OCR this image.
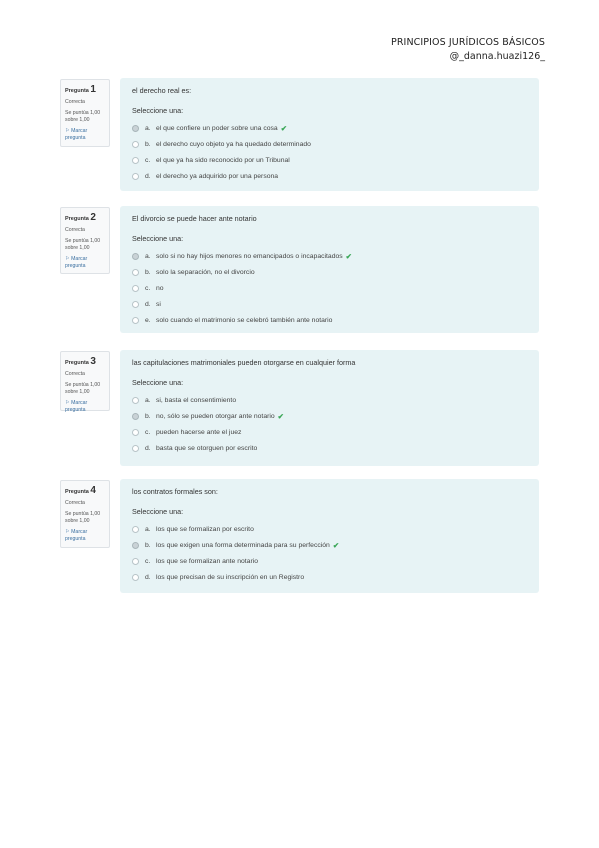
PRINCIPIOS JURÍDICOS BÁSICOS
@_danna.huazi126_
Pregunta 1
Correcta
Se puntúa 1,00 sobre 1,00
⚐ Marcar pregunta
el derecho real es:
Seleccione una:
a. el que confiere un poder sobre una cosa ✔
b. el derecho cuyo objeto ya ha quedado determinado
c. el que ya ha sido reconocido por un Tribunal
d. el derecho ya adquirido por una persona
Pregunta 2
Correcta
Se puntúa 1,00 sobre 1,00
⚐ Marcar pregunta
El divorcio se puede hacer ante notario
Seleccione una:
a. solo si no hay hijos menores no emancipados o incapacitados ✔
b. solo la separación, no el divorcio
c. no
d. si
e. solo cuando el matrimonio se celebró también ante notario
Pregunta 3
Correcta
Se puntúa 1,00 sobre 1,00
⚐ Marcar pregunta
las capitulaciones matrimoniales pueden otorgarse en cualquier forma
Seleccione una:
a. si, basta el consentimiento
b. no, sólo se pueden otorgar ante notario ✔
c. pueden hacerse ante el juez
d. basta que se otorguen por escrito
Pregunta 4
Correcta
Se puntúa 1,00 sobre 1,00
⚐ Marcar pregunta
los contratos formales son:
Seleccione una:
a. los que se formalizan por escrito
b. los que exigen una forma determinada para su perfección ✔
c. los que se formalizan ante notario
d. los que precisan de su inscripción en un Registro
